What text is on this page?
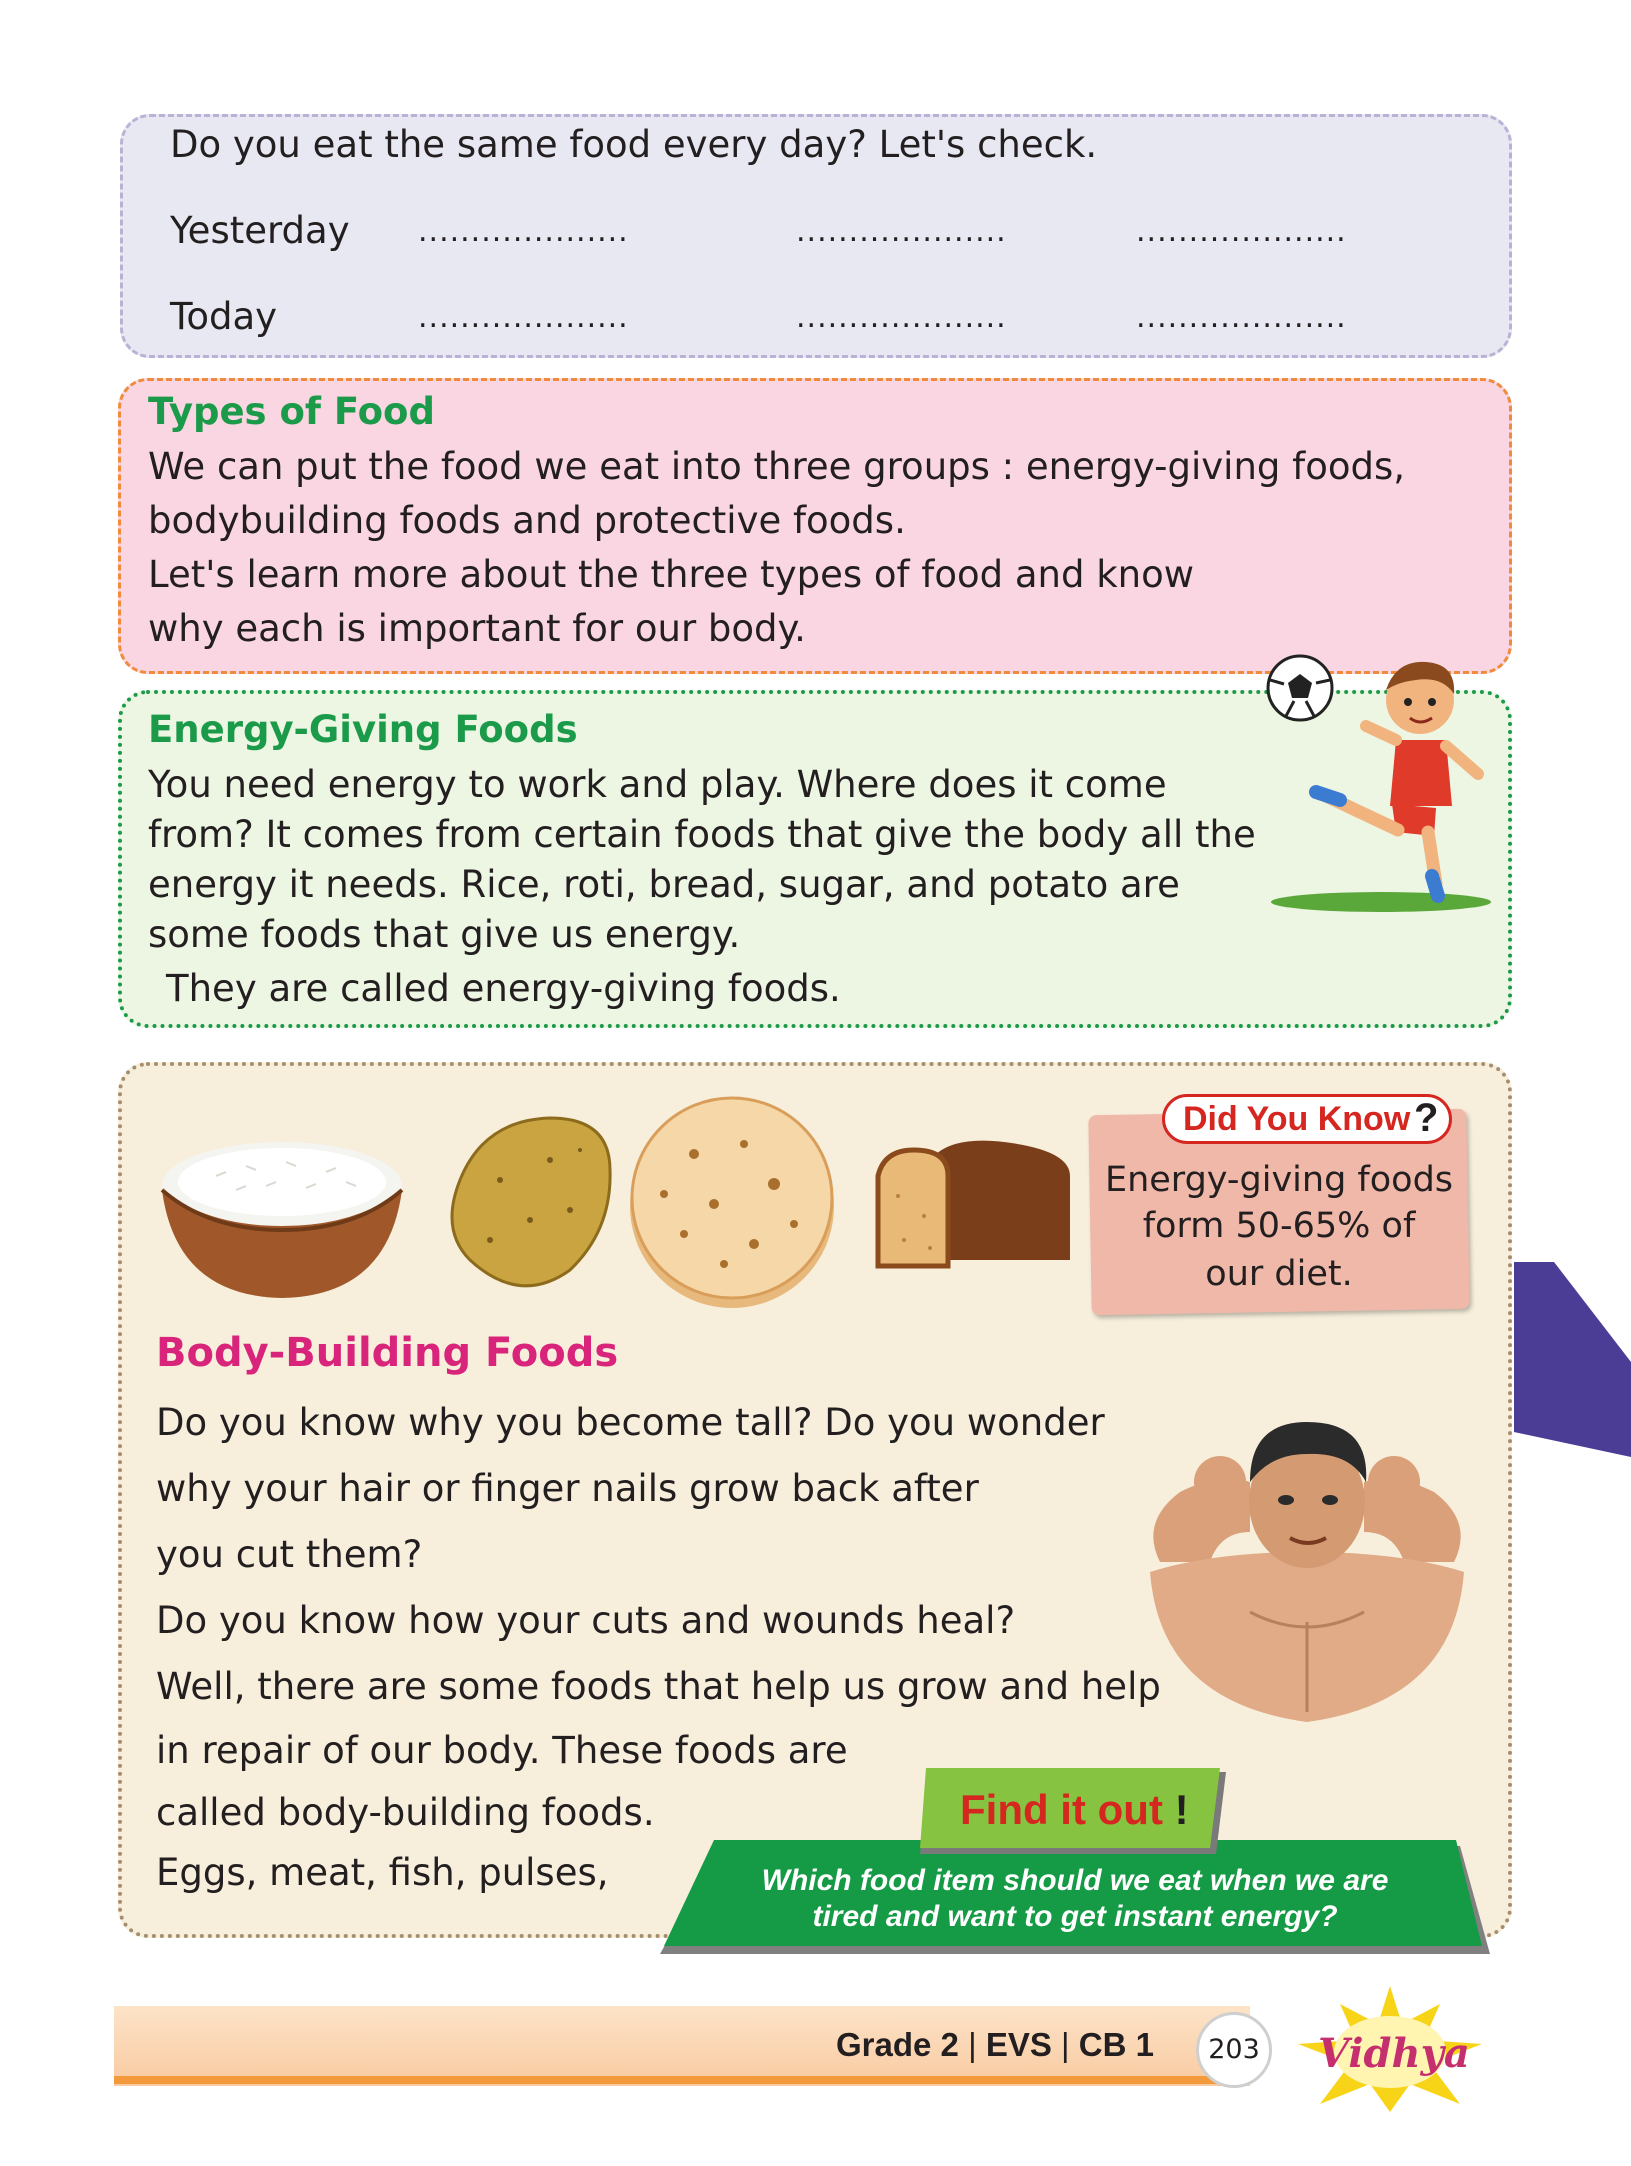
Do you eat the same food every day? Let's check.
Yesterday ....................	....................	....................
Today	....................	....................	....................
Types of Food
We can put the food we eat into three groups : energy-giving foods,
bodybuilding foods and protective foods.
Let's learn more about the three types of food and know
why each is important for our body.
Energy-Giving Foods
You need energy to work and play. Where does it come
from? It comes from certain foods that give the body all the
energy it needs. Rice, roti, bread, sugar, and potato are
some foods that give us energy.
They are called energy-giving foods.
Did You Know ?
Energy-giving foods
form 50-65% of
our diet.
Body-Building Foods
Do you know why you become tall? Do you wonder
why your hair or finger nails grow back after
you cut them?
Do you know how your cuts and wounds heal?
Well, there are some foods that help us grow and help
in repair of our body. These foods are
called body-building foods.
Eggs, meat, fish, pulses,
Find it out !
Which food item should we eat when we are
tired and want to get instant energy?
Grade 2 | EVS | CB 1	203	Vidhya
